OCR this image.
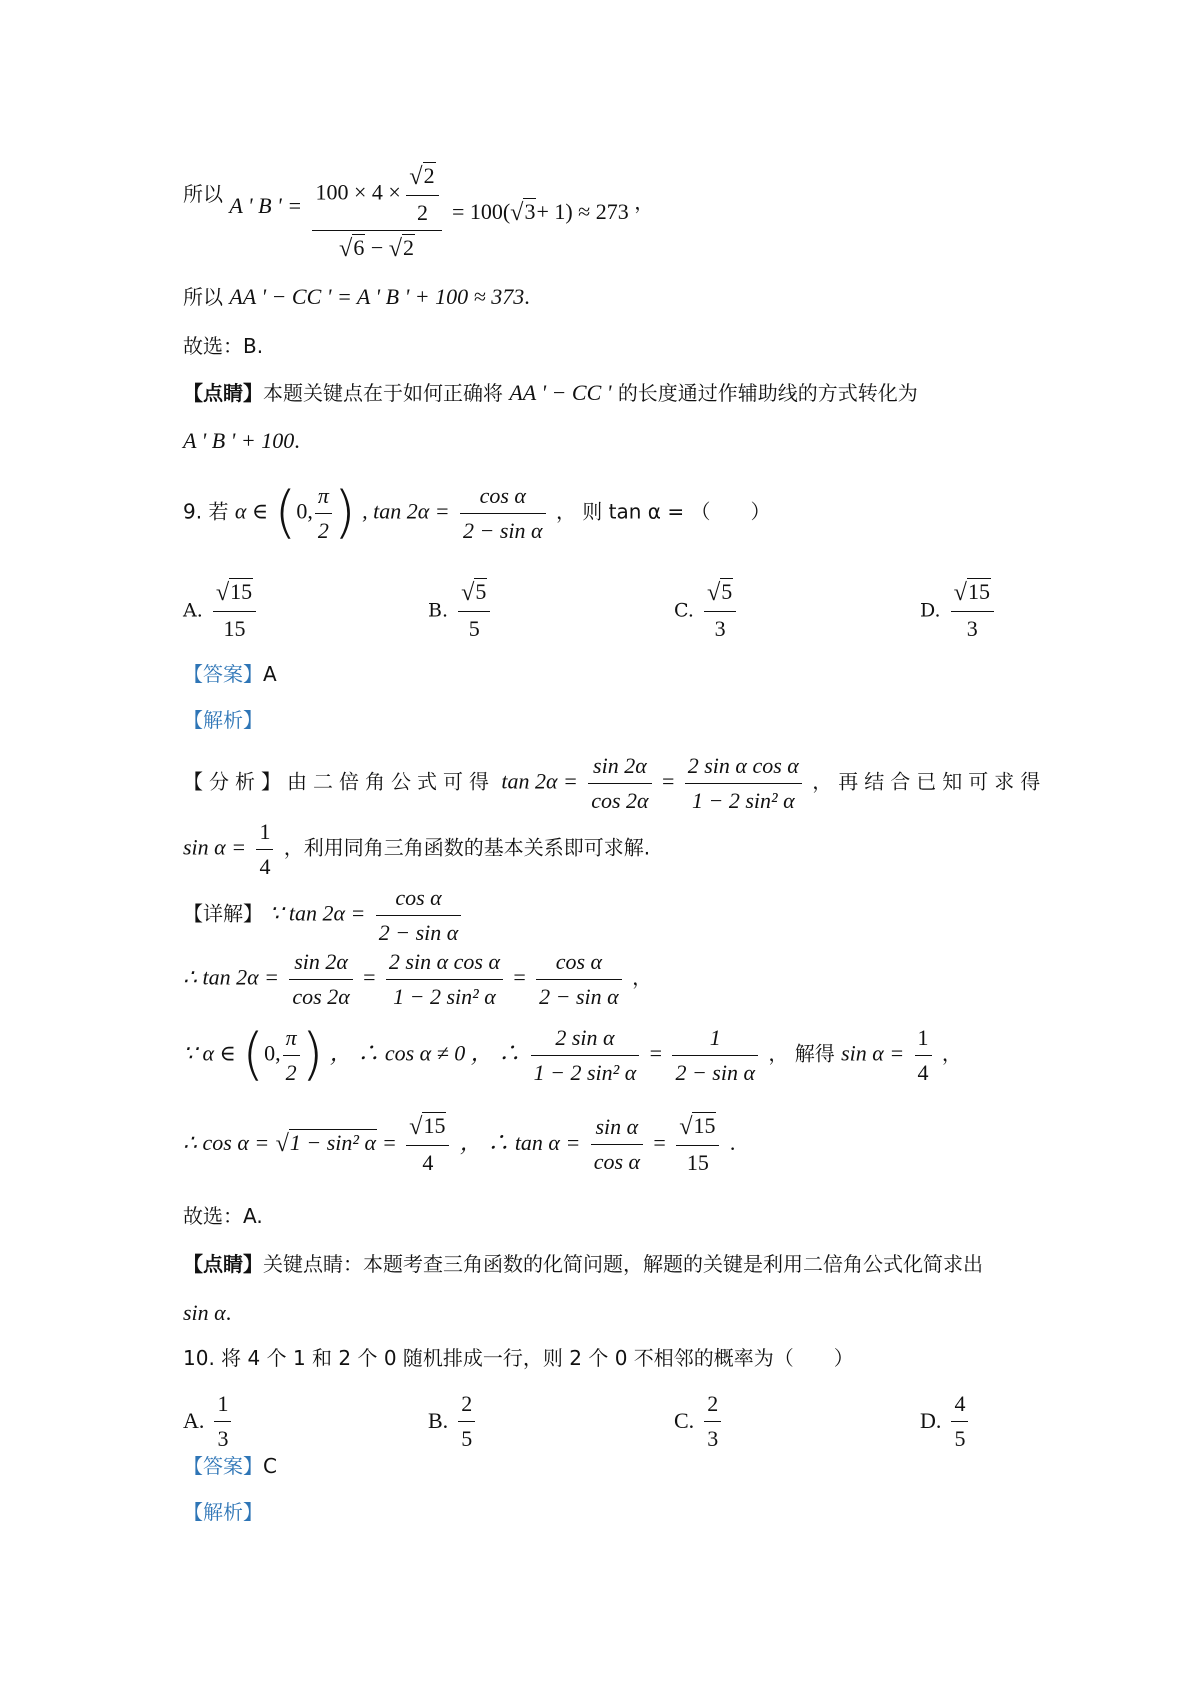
所以 A ' B ' = $\frac{100 \times 4 \times \frac{√2}{2}}{√6 - √2} = 100(√3+ 1) \approx 273$ ，
所以 AA ' − CC ' = A ' B ' + 100 ≈ 373.
故选：B.
【点睛】本题关键点在于如何正确将 AA ' − CC ' 的长度通过作辅助线的方式转化为
A ' B ' + 100.
9. 若 α ∈ (0, $\frac{\pi}{2}$ ) , $\tan 2\alpha = \frac{\text{cos α}}{\text{2 − sin α}}$ ， 则 tan α = （　　）
A. $\frac{√15}{15}$	B. $\frac{√5}{5}$	C. $\frac{√5}{3}$	D. $\frac{√15}{3}$
【答案】A
【解析】
【分析】由二倍角公式可得 $\tan 2\alpha = \frac{\sin 2\alpha}{\cos 2\alpha} = \frac{\text{2 sin α cos α}}{\text{1 − 2 sin² α}}$ ，再结合已知可求得
$\sin \alpha = \frac{1}{4}$ ，利用同角三角函数的基本关系即可求解.
【详解】 ∵ $\tan 2\alpha = \frac{\text{cos α}}{\text{2 − sin α}}$
∴ $\tan 2\alpha = \frac{\sin 2\alpha}{\cos 2\alpha} = \frac{\text{2 sin α cos α}}{\text{1 − 2 sin² α}} = \frac{\text{cos α}}{\text{2 − sin α}}$ ，
∵ α ∈ (0, $\frac{\pi}{2}$ ) ， ∴ cos α ≠ 0 ， ∴ $\frac{\text{2 sin α}}{\text{1 − 2 sin² α}} = \frac{1}{\text{2 − sin α}}$ ， 解得 $\sin \alpha = \frac{1}{4}$ ，
∴ cos α = √1 − sin² $\alpha = \frac{√15}{4}$ ， ∴ $\tan \alpha = \frac{\text{sin α}}{\text{cos α}} = \frac{√15}{15}$ .
故选：A.
【点睛】关键点睛：本题考查三角函数的化简问题，解题的关键是利用二倍角公式化简求出
sin α.
10. 将 4 个 1 和 2 个 0 随机排成一行，则 2 个 0 不相邻的概率为（　　）
A. $\frac{1}{3}$	B. $\frac{2}{5}$	C. $\frac{2}{3}$	D. $\frac{4}{5}$
【答案】C
【解析】
